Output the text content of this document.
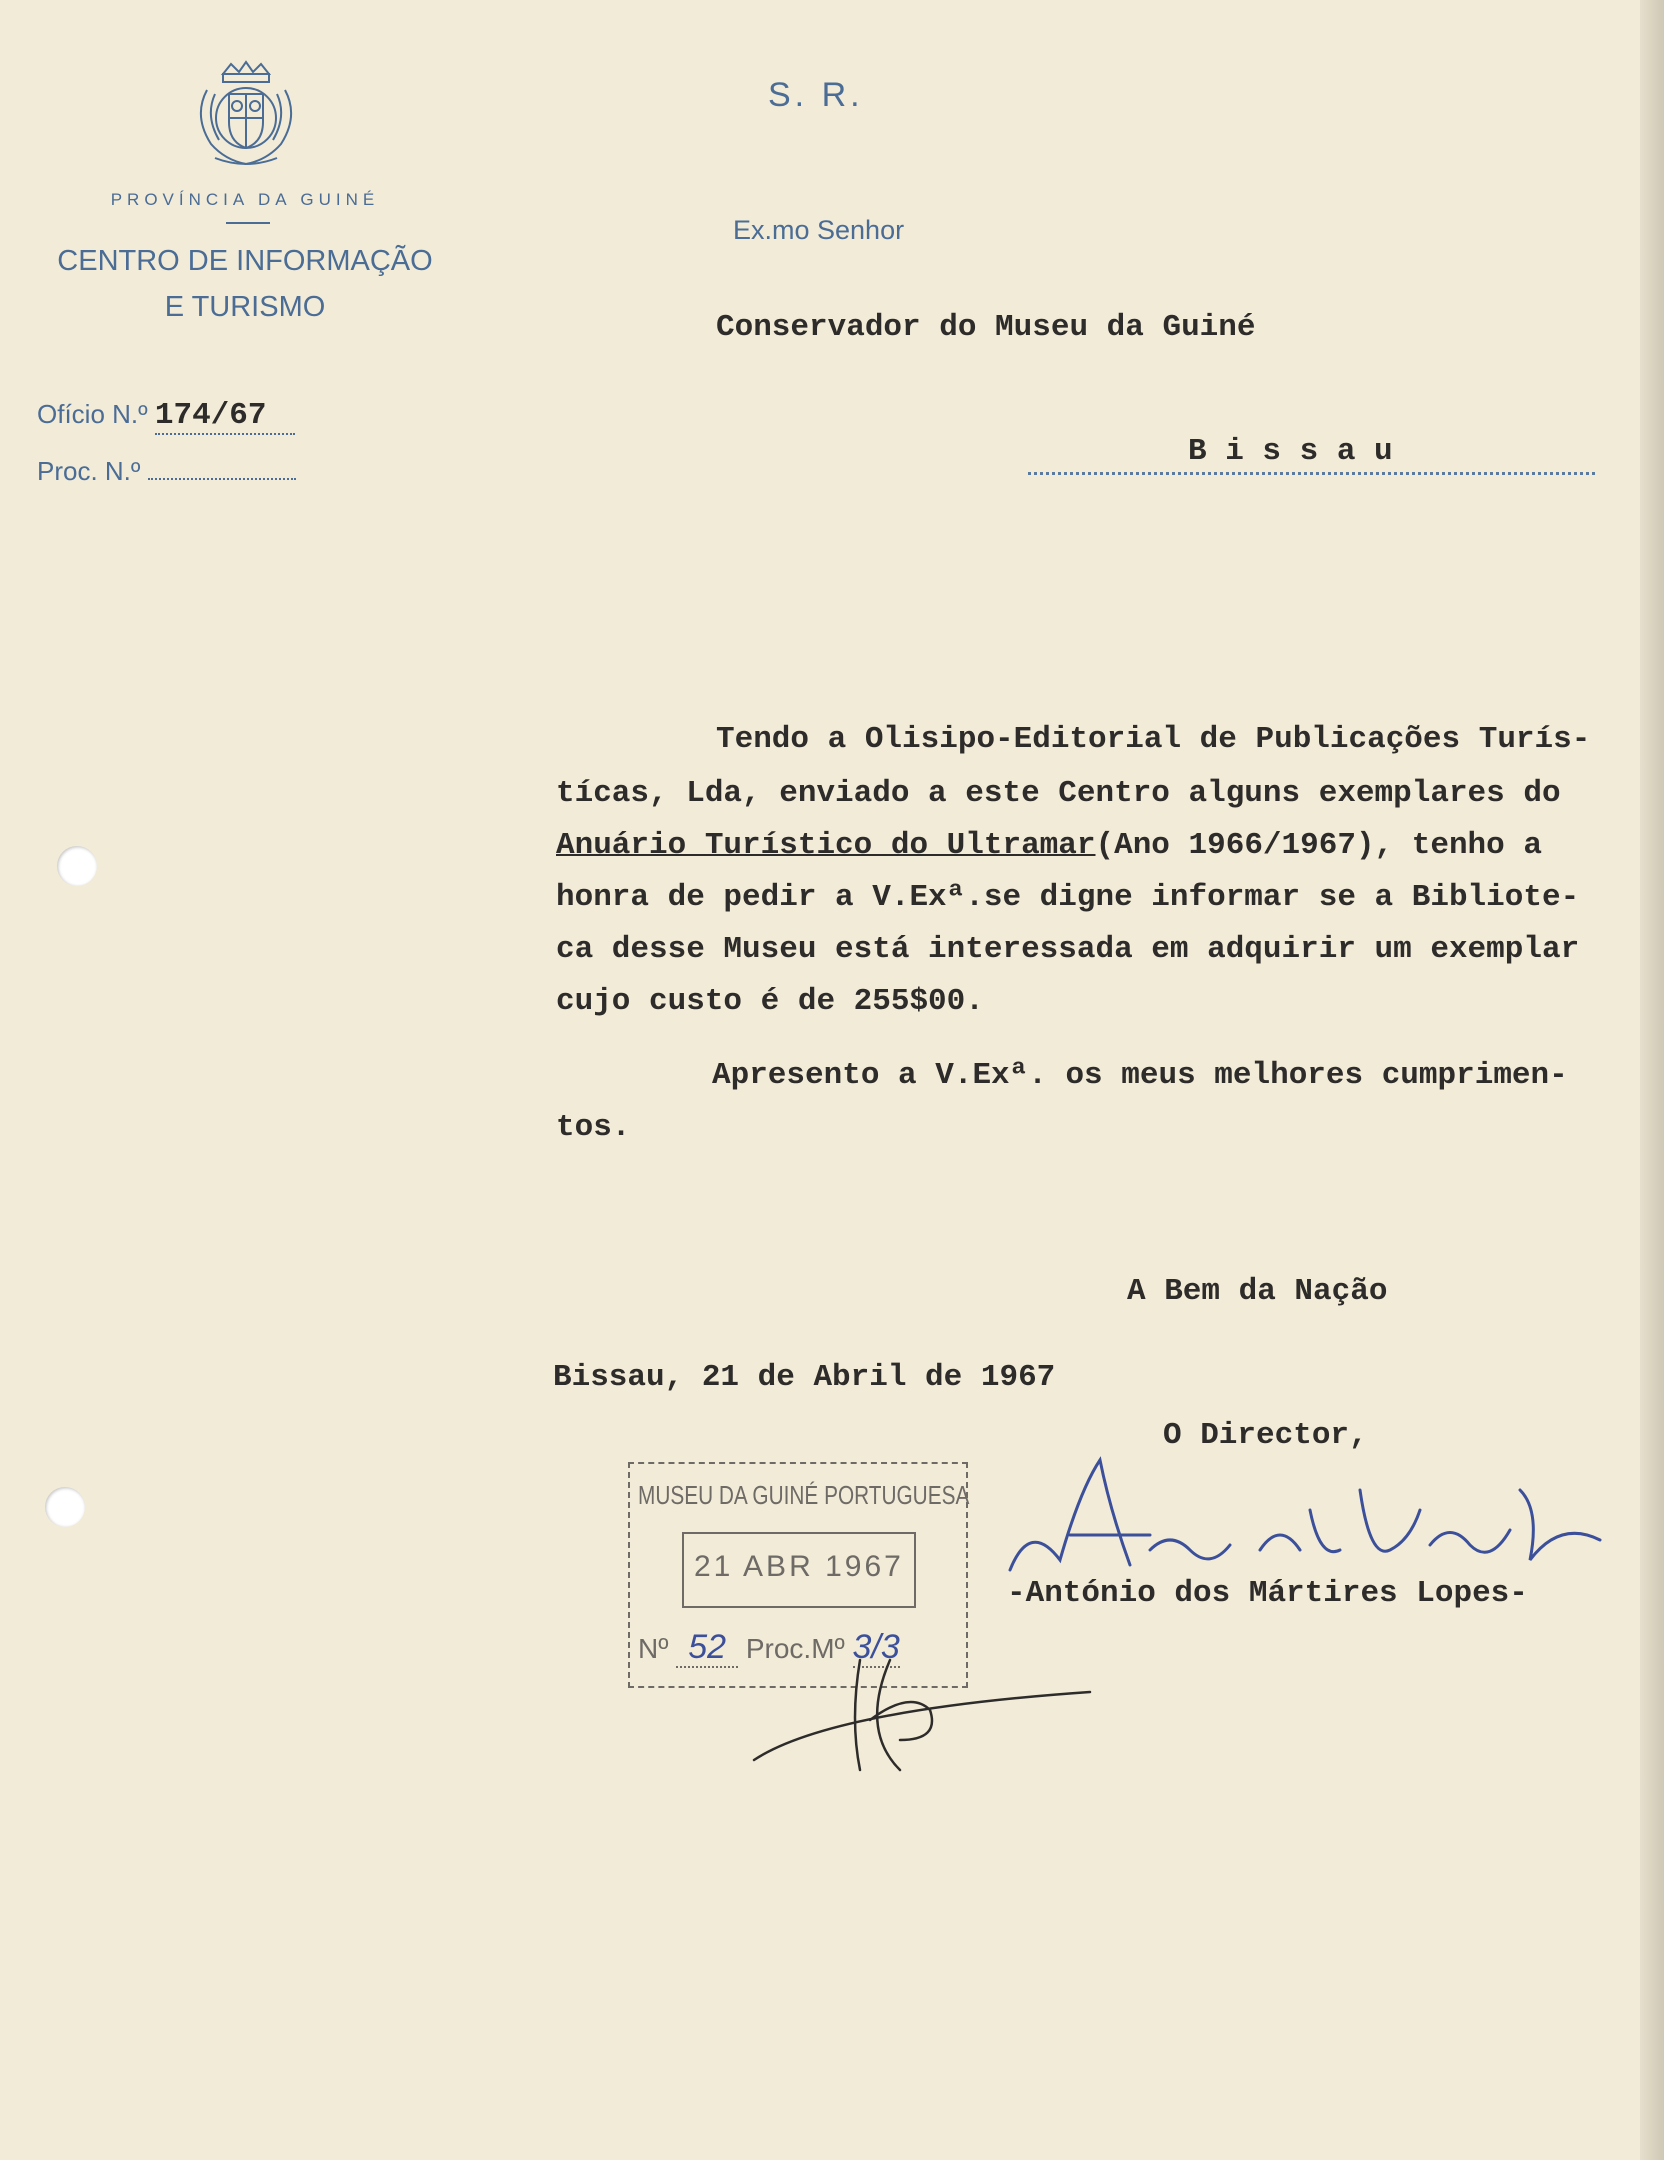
PROVÍNCIA DA GUINÉ
CENTRO DE INFORMAÇÃO
E TURISMO
Ofício N.º 174/67
Proc. N.º
S. R.
Ex.mo Senhor
Conservador do Museu da Guiné
B i s s a u
Tendo a Olisipo-Editorial de Publicações Turís-
tícas, Lda, enviado a este Centro alguns exemplares do
Anuário Turístico do Ultramar(Ano 1966/1967), tenho a
honra de pedir a V.Exª.se digne informar se a Bibliote-
ca desse Museu está interessada em adquirir um exemplar
cujo custo é de 255$00.
Apresento a V.Exª. os meus melhores cumprimen-
tos.
A Bem da Nação
Bissau, 21 de Abril de 1967
O Director,
-António dos Mártires Lopes-
MUSEU DA GUINÉ PORTUGUESA
21 ABR 1967
Nº 52 Proc.Mº 3/3
